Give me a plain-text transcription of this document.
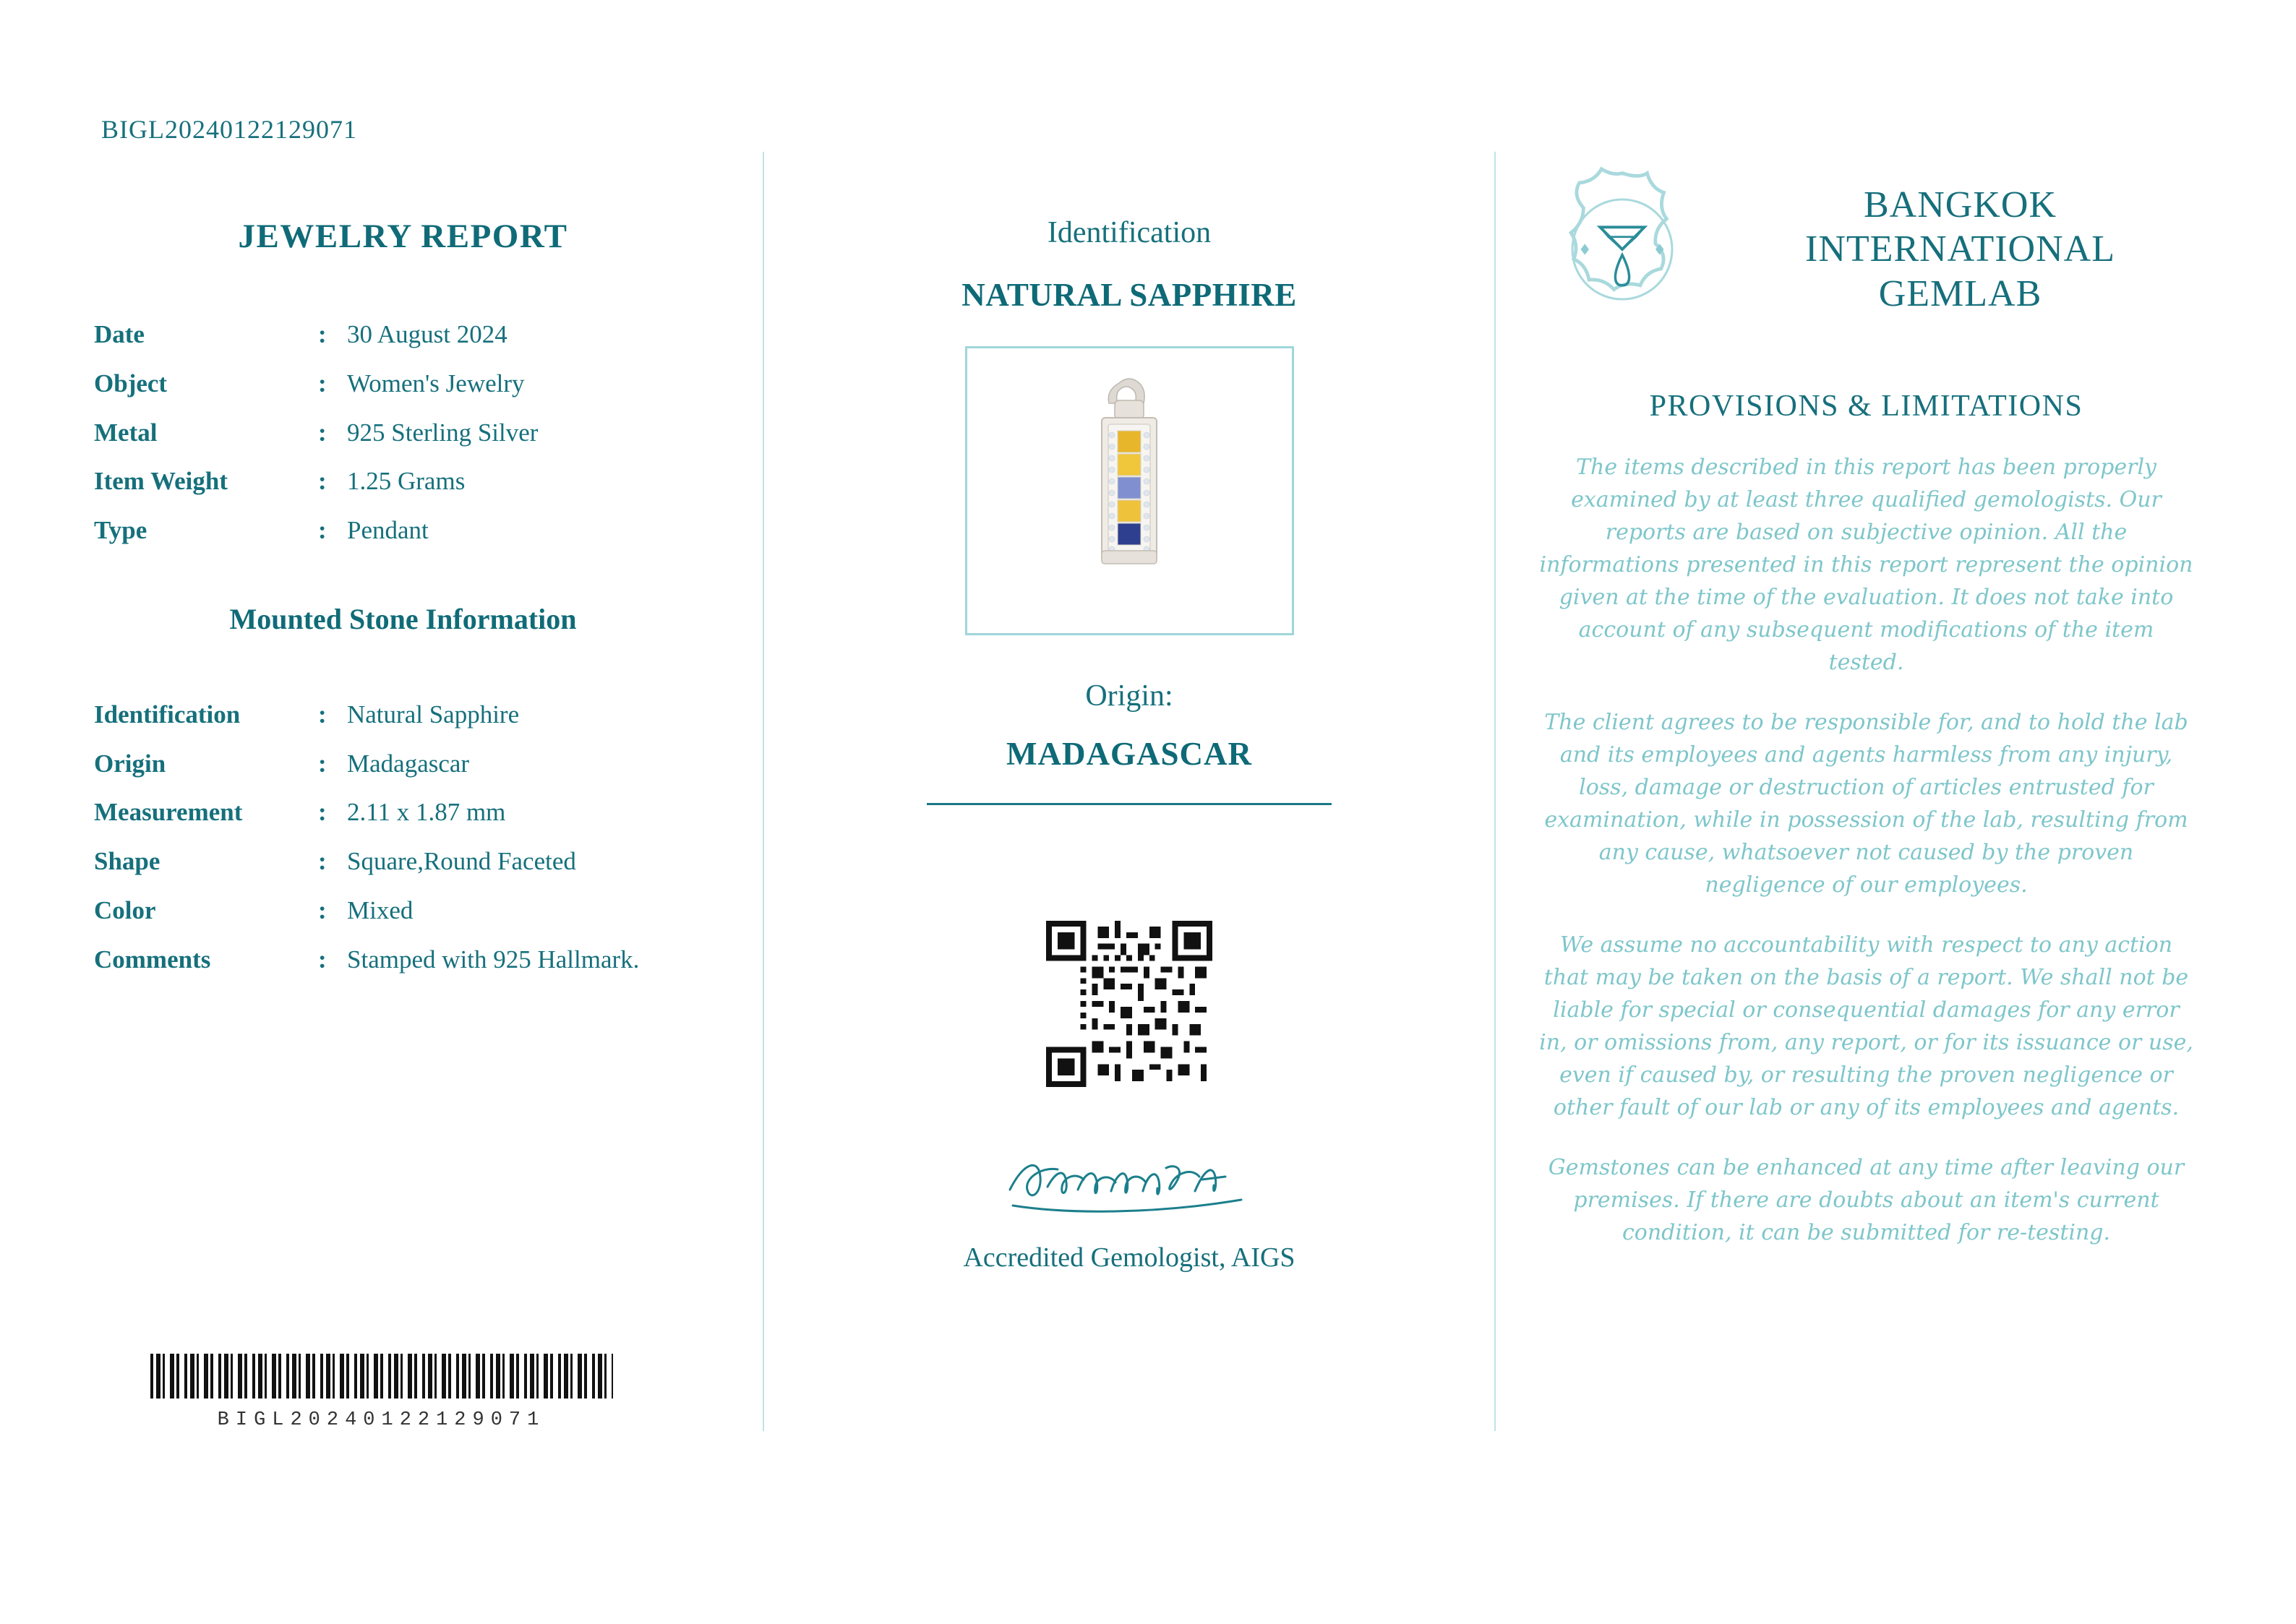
BIGL20240122129071
JEWELRY REPORT
Date	:	30 August 2024
Object	:	Women's Jewelry
Metal	:	925 Sterling Silver
Item Weight	:	1.25 Grams
Type	:	Pendant
Mounted Stone Information
Identification	:	Natural Sapphire
Origin	:	Madagascar
Measurement	:	2.11 x 1.87 mm
Shape	:	Square,Round Faceted
Color	:	Mixed
Comments	:	Stamped with 925 Hallmark.
BIGL20240122129071
Identification
NATURAL SAPPHIRE
Origin:
MADAGASCAR
Accredited Gemologist, AIGS
BANGKOK INTERNATIONAL GEMLAB
PROVISIONS & LIMITATIONS
The items described in this report has been properly examined by at least three qualified gemologists. Our reports are based on subjective opinion. All the informations presented in this report represent the opinion given at the time of the evaluation. It does not take into account of any subsequent modifications of the item tested.
The client agrees to be responsible for, and to hold the lab and its employees and agents harmless from any injury, loss, damage or destruction of articles entrusted for examination, while in possession of the lab, resulting from any cause, whatsoever not caused by the proven negligence of our employees.
We assume no accountability with respect to any action that may be taken on the basis of a report. We shall not be liable for special or consequential damages for any error in, or omissions from, any report, or for its issuance or use, even if caused by, or resulting the proven negligence or other fault of our lab or any of its employees and agents.
Gemstones can be enhanced at any time after leaving our premises. If there are doubts about an item's current condition, it can be submitted for re-testing.
